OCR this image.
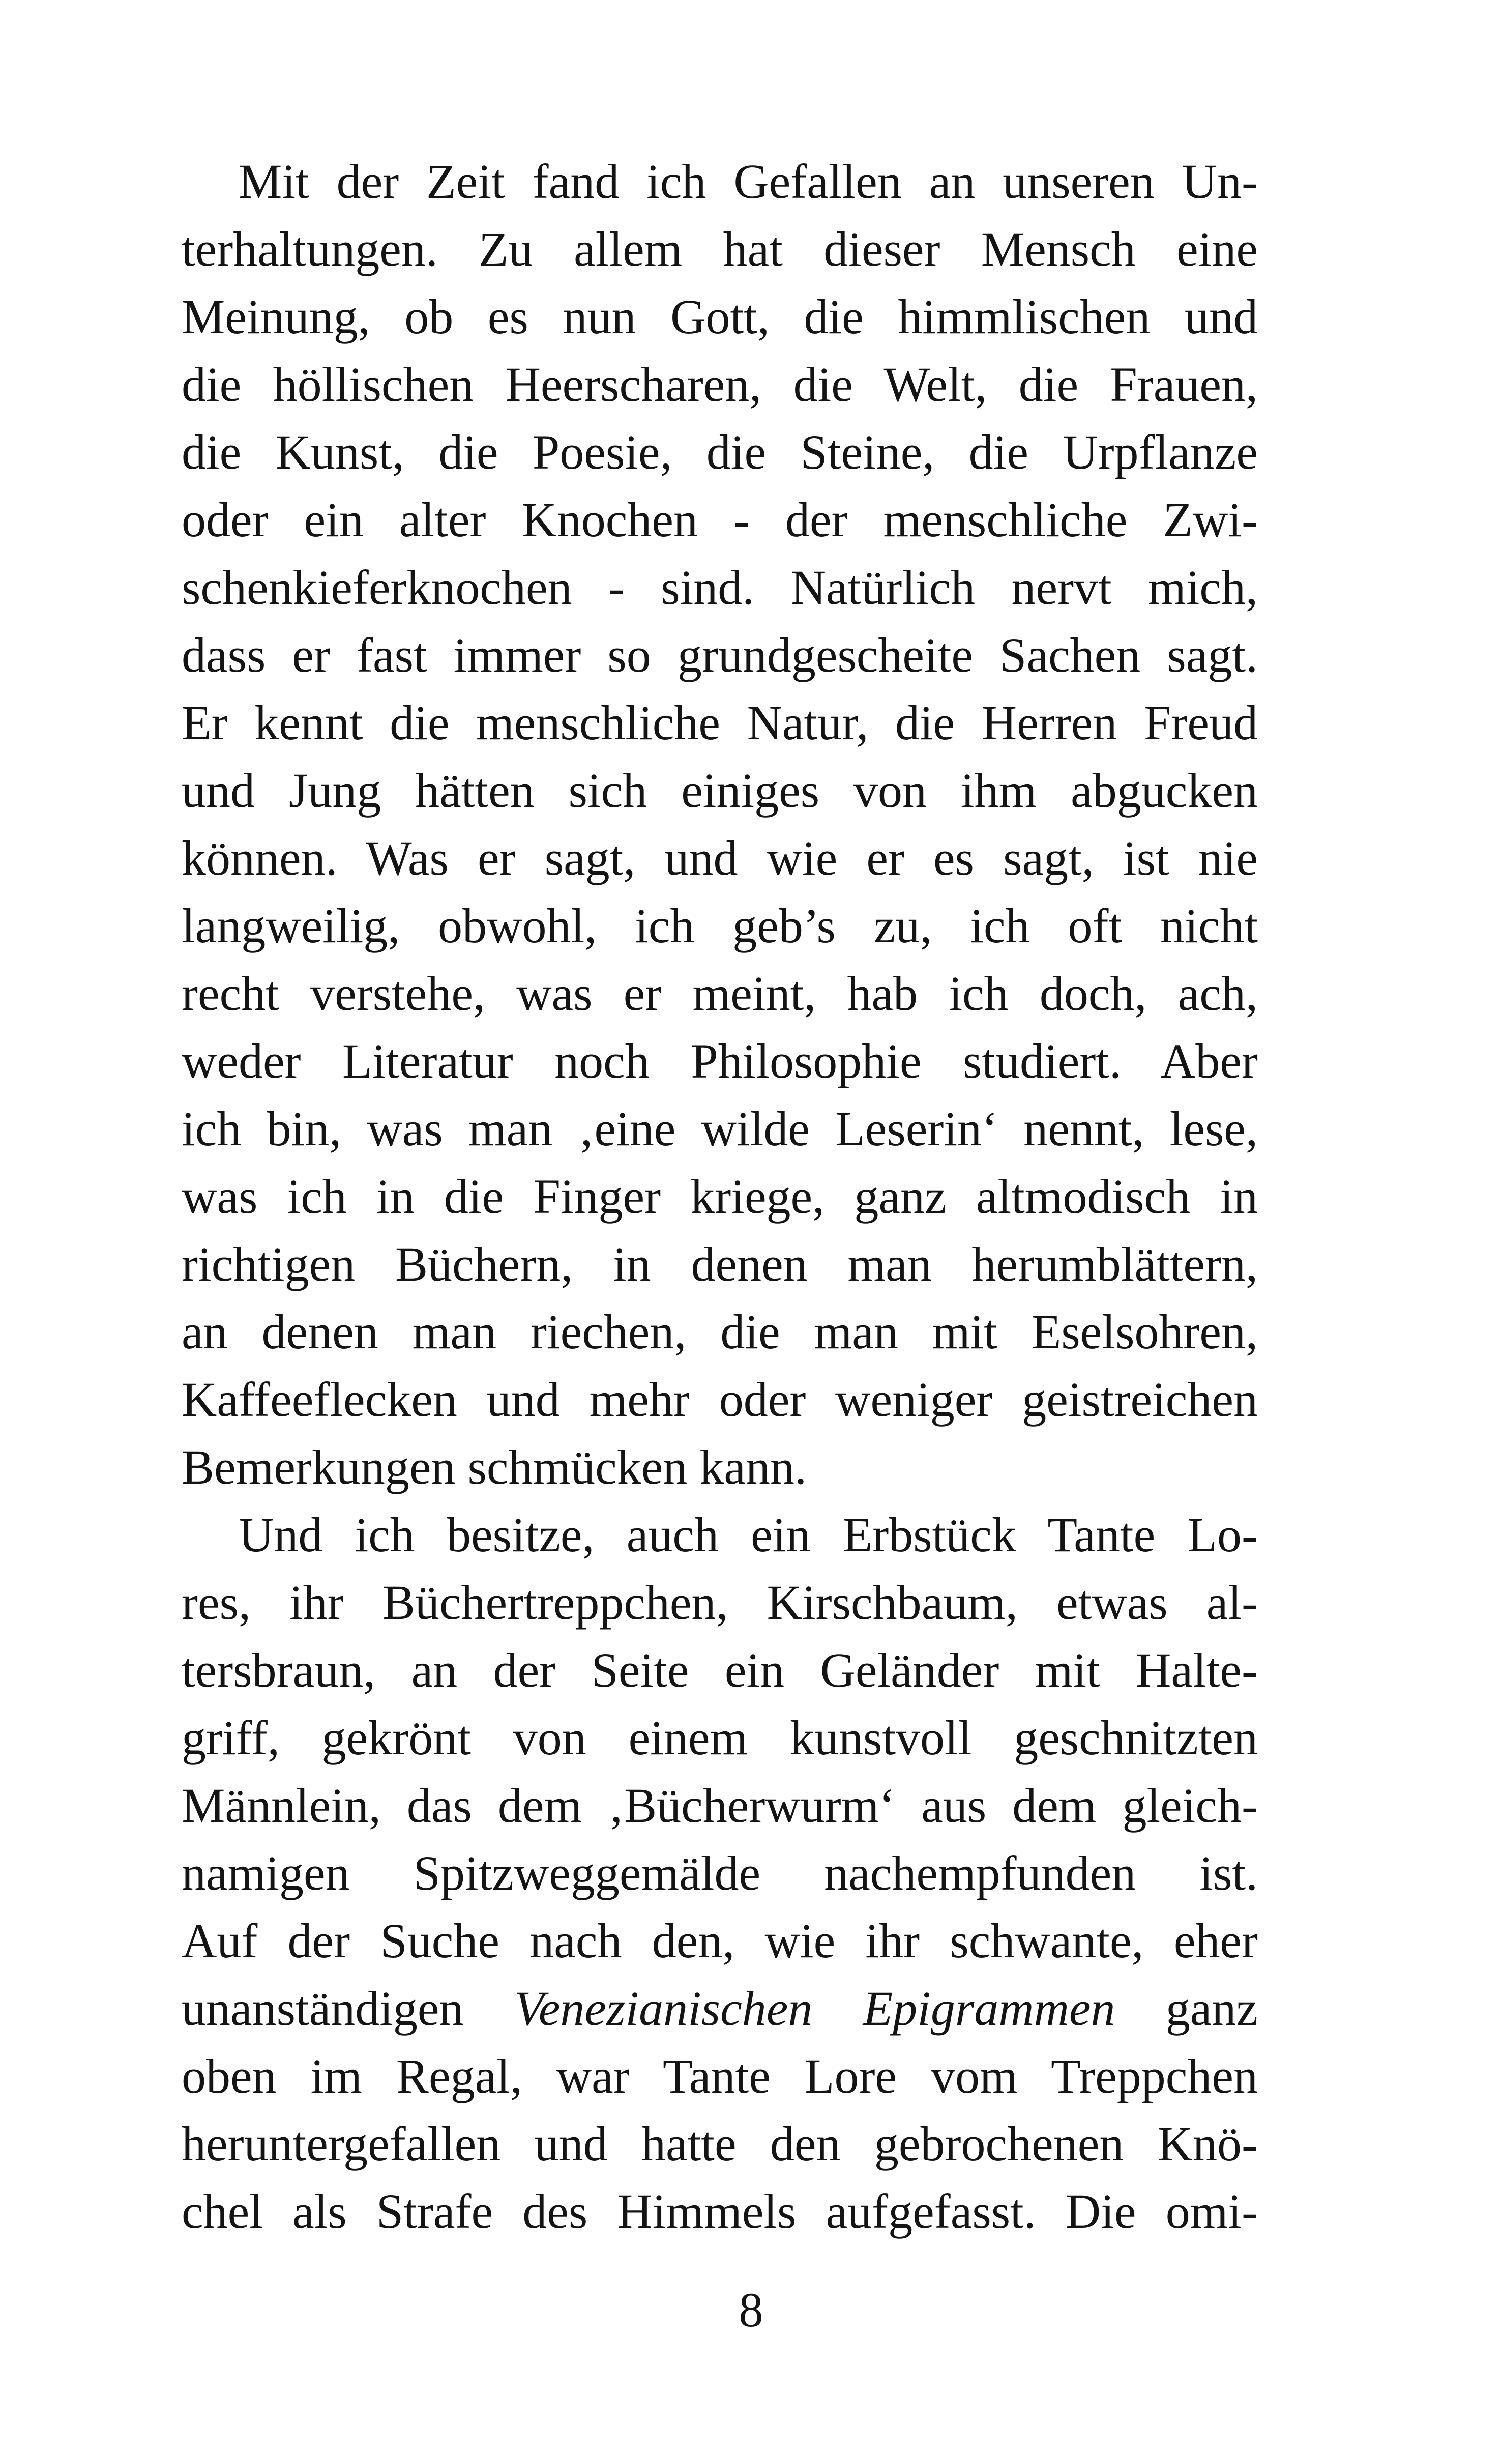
Mit der Zeit fand ich Gefallen an unseren Un-
terhaltungen. Zu allem hat dieser Mensch eine
Meinung, ob es nun Gott, die himmlischen und
die höllischen Heerscharen, die Welt, die Frauen,
die Kunst, die Poesie, die Steine, die Urpflanze
oder ein alter Knochen - der menschliche Zwi-
schenkieferknochen - sind. Natürlich nervt mich,
dass er fast immer so grundgescheite Sachen sagt.
Er kennt die menschliche Natur, die Herren Freud
und Jung hätten sich einiges von ihm abgucken
können. Was er sagt, und wie er es sagt, ist nie
langweilig, obwohl, ich geb’s zu, ich oft nicht
recht verstehe, was er meint, hab ich doch, ach,
weder Literatur noch Philosophie studiert. Aber
ich bin, was man ‚eine wilde Leserin‘ nennt, lese,
was ich in die Finger kriege, ganz altmodisch in
richtigen Büchern, in denen man herumblättern,
an denen man riechen, die man mit Eselsohren,
Kaffeeflecken und mehr oder weniger geistreichen
Bemerkungen schmücken kann.
Und ich besitze, auch ein Erbstück Tante Lo-
res, ihr Büchertreppchen, Kirschbaum, etwas al-
tersbraun, an der Seite ein Geländer mit Halte-
griff, gekrönt von einem kunstvoll geschnitzten
Männlein, das dem ‚Bücherwurm‘ aus dem gleich-
namigen Spitzweggemälde nachempfunden ist.
Auf der Suche nach den, wie ihr schwante, eher
unanständigen Venezianischen Epigrammen ganz
oben im Regal, war Tante Lore vom Treppchen
heruntergefallen und hatte den gebrochenen Knö-
chel als Strafe des Himmels aufgefasst. Die omi-
8
